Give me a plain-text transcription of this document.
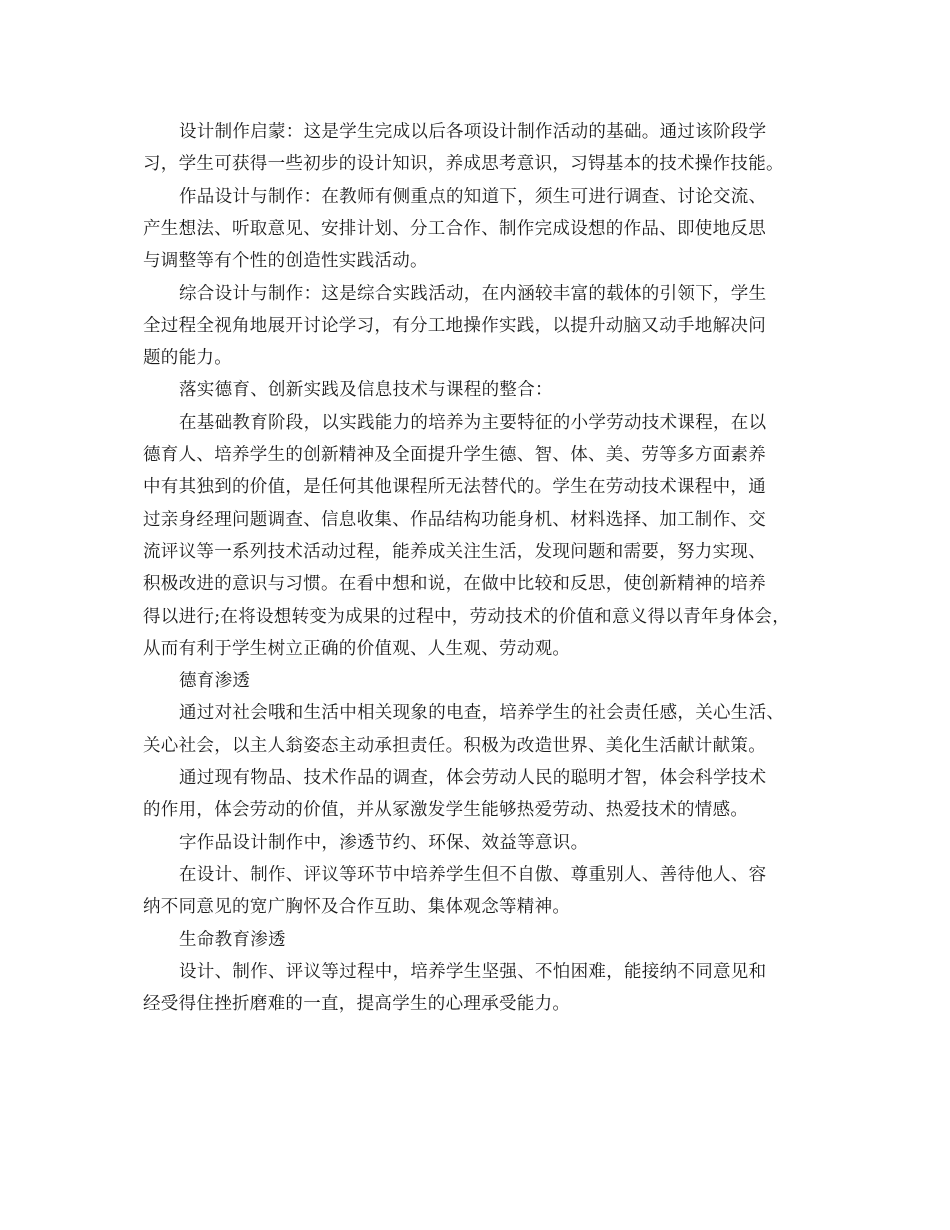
设计制作启蒙：这是学生完成以后各项设计制作活动的基础。通过该阶段学
习，学生可获得一些初步的设计知识，养成思考意识，习锝基本的技术操作技能。
作品设计与制作：在教师有侧重点的知道下，须生可进行调查、讨论交流、
产生想法、听取意见、安排计划、分工合作、制作完成设想的作品、即使地反思
与调整等有个性的创造性实践活动。
综合设计与制作：这是综合实践活动，在内涵较丰富的载体的引领下，学生
全过程全视角地展开讨论学习，有分工地操作实践，以提升动脑又动手地解决问
题的能力。
落实德育、创新实践及信息技术与课程的整合：
在基础教育阶段，以实践能力的培养为主要特征的小学劳动技术课程，在以
德育人、培养学生的创新精神及全面提升学生德、智、体、美、劳等多方面素养
中有其独到的价值，是任何其他课程所无法替代的。学生在劳动技术课程中，通
过亲身经理问题调查、信息收集、作品结构功能身机、材料选择、加工制作、交
流评议等一系列技术活动过程，能养成关注生活，发现问题和需要，努力实现、
积极改进的意识与习惯。在看中想和说，在做中比较和反思，使创新精神的培养
得以进行;在将设想转变为成果的过程中，劳动技术的价值和意义得以青年身体会，
从而有利于学生树立正确的价值观、人生观、劳动观。
德育渗透
通过对社会哦和生活中相关现象的电查，培养学生的社会责任感，关心生活、
关心社会，以主人翁姿态主动承担责任。积极为改造世界、美化生活献计献策。
通过现有物品、技术作品的调查，体会劳动人民的聪明才智，体会科学技术
的作用，体会劳动的价值，并从冢激发学生能够热爱劳动、热爱技术的情感。
字作品设计制作中，渗透节约、环保、效益等意识。
在设计、制作、评议等环节中培养学生但不自傲、尊重别人、善待他人、容
纳不同意见的宽广胸怀及合作互助、集体观念等精神。
生命教育渗透
设计、制作、评议等过程中，培养学生坚强、不怕困难，能接纳不同意见和
经受得住挫折磨难的一直，提高学生的心理承受能力。
